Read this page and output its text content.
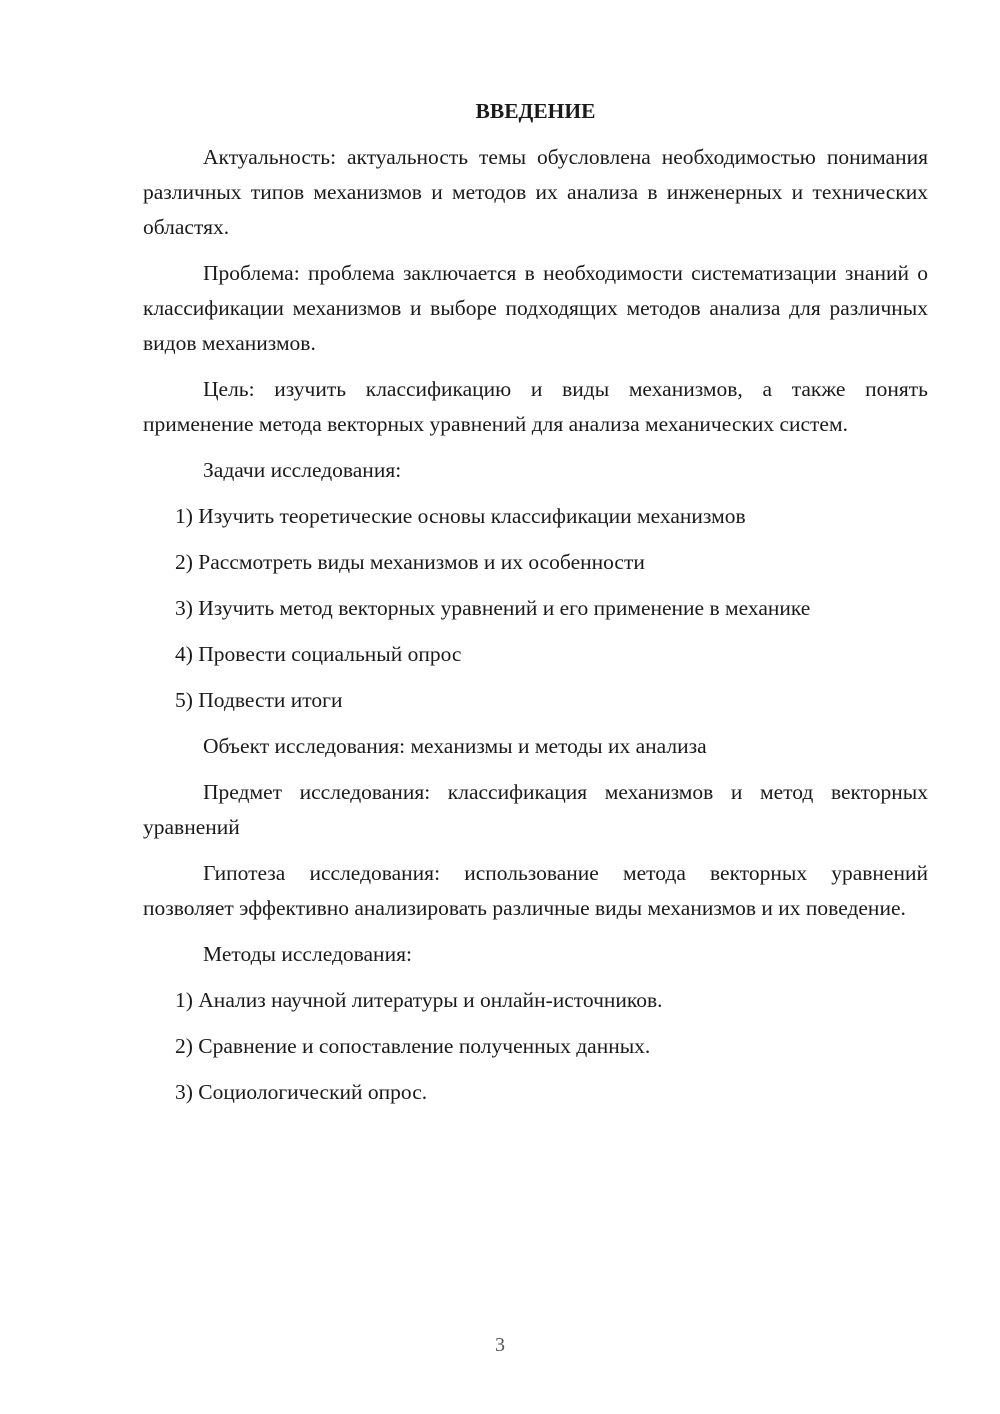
ВВЕДЕНИЕ

Актуальность: актуальность темы обусловлена необходимостью понимания различных типов механизмов и методов их анализа в инженерных и технических областях.

Проблема: проблема заключается в необходимости систематизации знаний о классификации механизмов и выборе подходящих методов анализа для различных видов механизмов.

Цель: изучить классификацию и виды механизмов, а также понять применение метода векторных уравнений для анализа механических систем.

Задачи исследования:

1) Изучить теоретические основы классификации механизмов
2) Рассмотреть виды механизмов и их особенности
3) Изучить метод векторных уравнений и его применение в механике
4) Провести социальный опрос
5) Подвести итоги

Объект исследования: механизмы и методы их анализа

Предмет исследования: классификация механизмов и метод векторных уравнений

Гипотеза исследования: использование метода векторных уравнений позволяет эффективно анализировать различные виды механизмов и их поведение.

Методы исследования:

1) Анализ научной литературы и онлайн-источников.
2) Сравнение и сопоставление полученных данных.
3) Социологический опрос.
3
